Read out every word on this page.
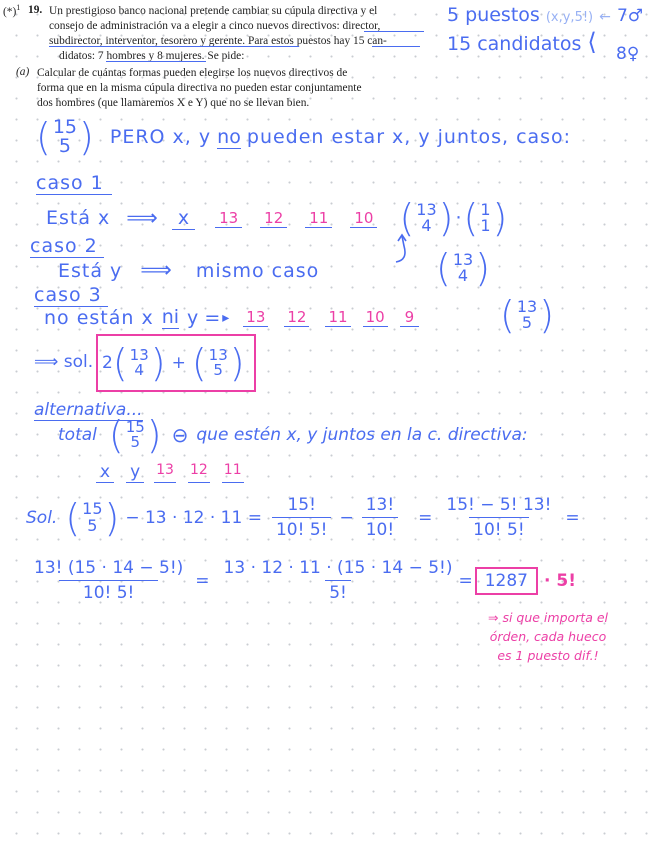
$(*)^1$ 19. Un prestigioso banco nacional pretende cambiar su cúpula directiva y el
consejo de administración va a elegir a cinco nuevos directivos: director,
subdirector, interventor, tesorero y gerente. Para estos puestos hay 15 can-
didatos: 7 hombres y 8 mujeres. Se pide:
(a) Calcular de cuántas formas pueden elegirse los nuevos directivos de
forma que en la misma cúpula directiva no pueden estar conjuntamente
dos hombres (que llamaremos X e Y) que no se llevan bien.
5 puestos (x,y,5!) ← 7♂
15 candidatos ⟨ 8♀
( 15
5 ) PERO x, y no pueden estar x, y juntos, caso:
caso 1
Está x ⟹	x	13 12 11 10 ( 13
4 ) · ( 1
1 )
caso 2
Está y ⟹ mismo caso	( 13
4 )
caso 3
no están x ni y = ▸ 13 12 11 10	9 ( 13
5 )
⟹ sol. 2 ( 13
4 ) + ( 13
5 )
alternativa...
total ( 15
5 ) ⊖ que estén x, y juntos en la c. directiva:
x y 13 12 11
Sol. ( 15
5 ) − $13 \cdot 12 \cdot 11 = \frac{15!}{10! 5!} - \frac{13!}{10!} = \frac{15! - 5! 13!}{10! 5!}$ =
$\frac{13! (15 \cdot 14 - 5!)}{10! 5!} = \frac{13 \cdot 12 \cdot 11 \cdot (15 \cdot 14 - 5!)}{5!} = 1287 \cdot 5$!
⇒ si que importa el
órden, cada hueco
es 1 puesto dif.!
